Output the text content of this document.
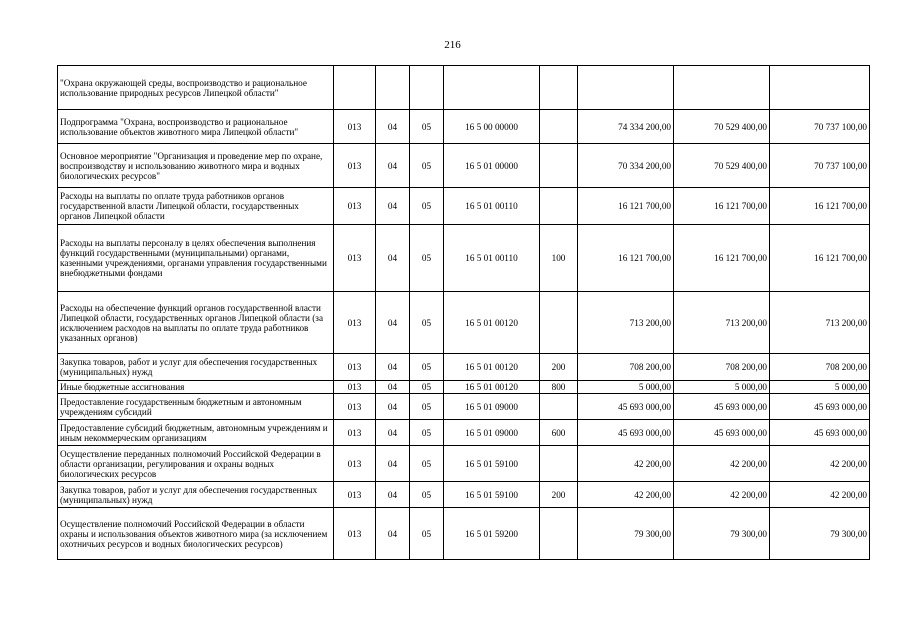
216
"Охрана окружающей среды, воспроизводство и рациональное использование природных ресурсов Липецкой области"								
Подпрограмма "Охрана, воспроизводство и рациональное использование объектов животного мира Липецкой области"	013	04	05	16 5 00 00000		74 334 200,00	70 529 400,00	70 737 100,00
Основное мероприятие "Организация и проведение мер по охране, воспроизводству и использованию животного мира и водных биологических ресурсов"	013	04	05	16 5 01 00000		70 334 200,00	70 529 400,00	70 737 100,00
Расходы на выплаты по оплате труда работников органов государственной власти Липецкой области, государственных органов Липецкой области	013	04	05	16 5 01 00110		16 121 700,00	16 121 700,00	16 121 700,00
Расходы на выплаты персоналу в целях обеспечения выполнения функций государственными (муниципальными) органами, казенными учреждениями, органами управления государственными внебюджетными фондами	013	04	05	16 5 01 00110	100	16 121 700,00	16 121 700,00	16 121 700,00
Расходы на обеспечение функций органов государственной власти Липецкой области, государственных органов Липецкой области (за исключением расходов на выплаты по оплате труда работников указанных органов)	013	04	05	16 5 01 00120		713 200,00	713 200,00	713 200,00
Закупка товаров, работ и услуг для обеспечения государственных (муниципальных) нужд	013	04	05	16 5 01 00120	200	708 200,00	708 200,00	708 200,00
Иные бюджетные ассигнования	013	04	05	16 5 01 00120	800	5 000,00	5 000,00	5 000,00
Предоставление государственным бюджетным и автономным учреждениям субсидий	013	04	05	16 5 01 09000		45 693 000,00	45 693 000,00	45 693 000,00
Предоставление субсидий бюджетным, автономным учреждениям и иным некоммерческим организациям	013	04	05	16 5 01 09000	600	45 693 000,00	45 693 000,00	45 693 000,00
Осуществление переданных полномочий Российской Федерации в области организации, регулирования и охраны водных биологических ресурсов	013	04	05	16 5 01 59100		42 200,00	42 200,00	42 200,00
Закупка товаров, работ и услуг для обеспечения государственных (муниципальных) нужд	013	04	05	16 5 01 59100	200	42 200,00	42 200,00	42 200,00
Осуществление полномочий Российской Федерации в области охраны и использования объектов животного мира (за исключением охотничьих ресурсов и водных биологических ресурсов)	013	04	05	16 5 01 59200		79 300,00	79 300,00	79 300,00
